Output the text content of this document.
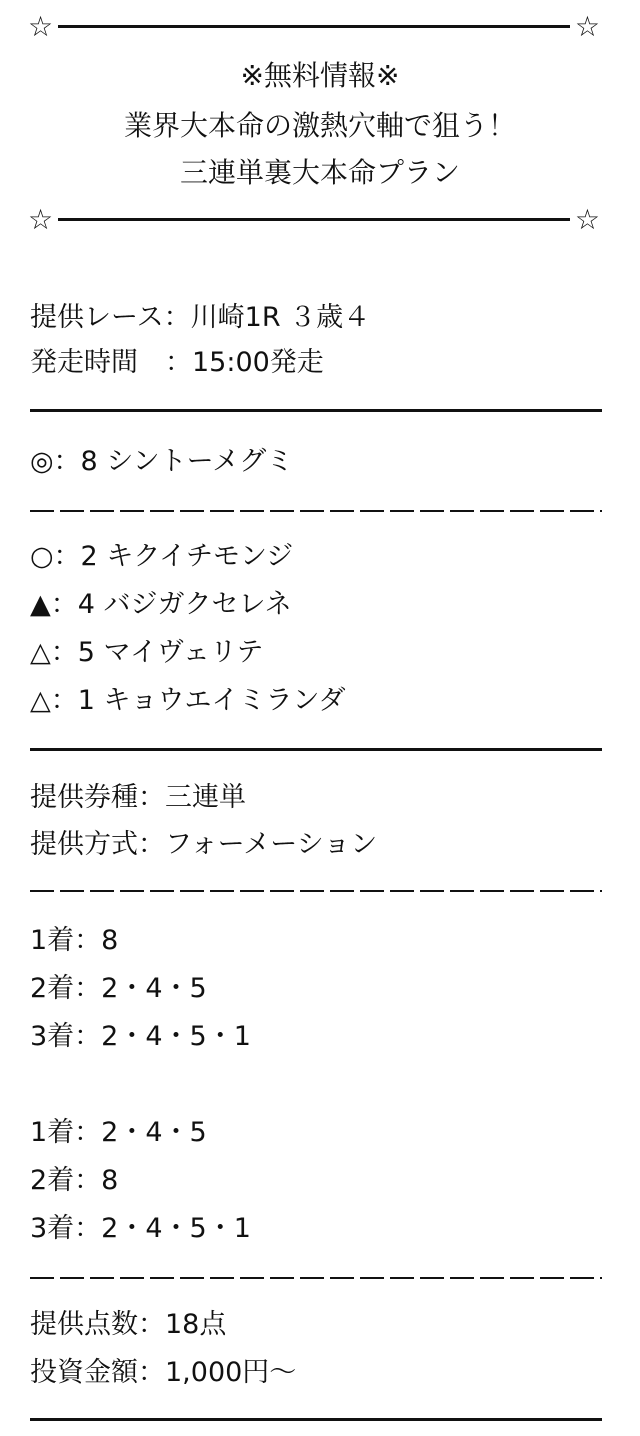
☆	☆
※無料情報※
業界大本命の激熱穴軸で狙う！
三連単裏大本命プラン
☆	☆
提供レース：川崎1R ３歳４
発走時間　：15:00発走
◎：8 シントーメグミ
○：2 キクイチモンジ
▲：4 バジガクセレネ
△：5 マイヴェリテ
△：1 キョウエイミランダ
提供券種：三連単
提供方式：フォーメーション
1着：8
2着：2・4・5
3着：2・4・5・1
1着：2・4・5
2着：8
3着：2・4・5・1
提供点数：18点
投資金額：1,000円〜
